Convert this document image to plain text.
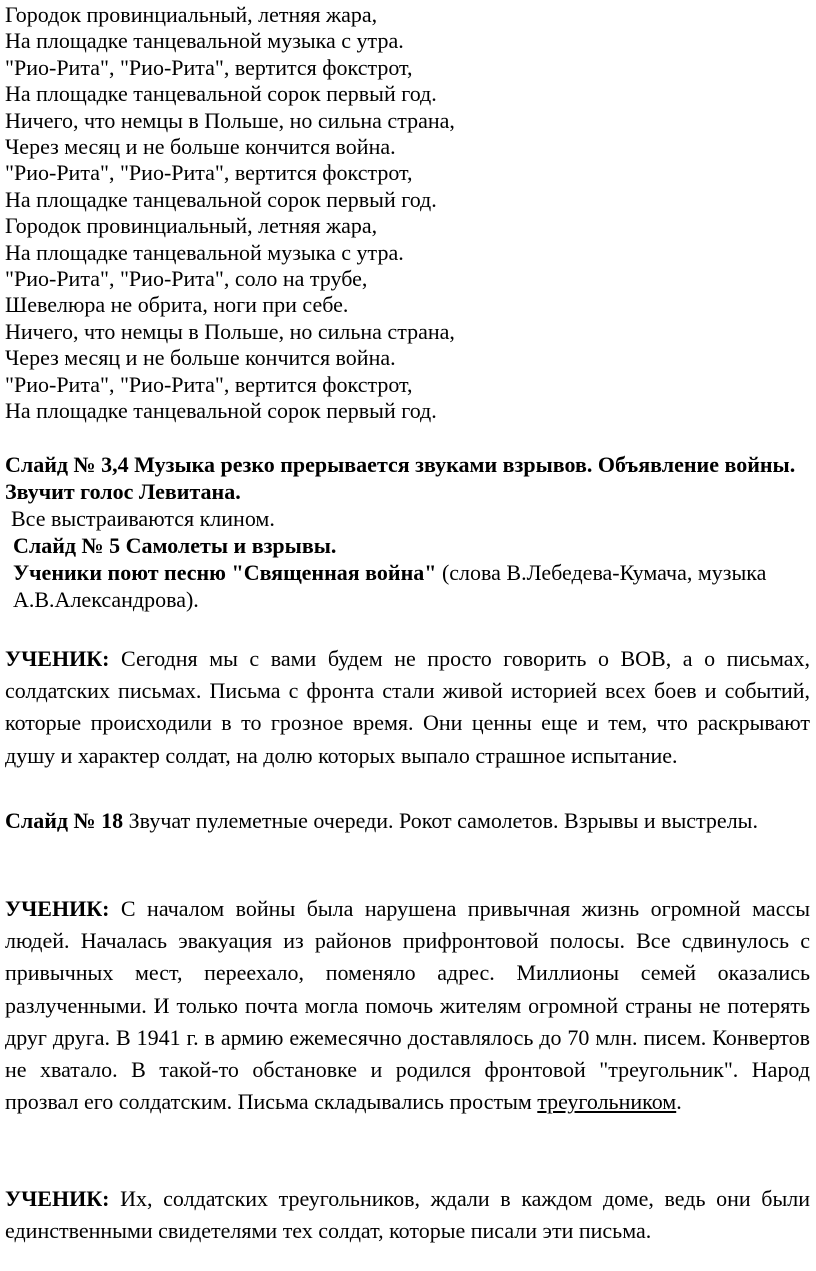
Городок провинциальный, летняя жара,
На площадке танцевальной музыка с утра.
"Рио-Рита", "Рио-Рита", вертится фокстрот,
На площадке танцевальной сорок первый год.
Ничего, что немцы в Польше, но сильна страна,
Через месяц и не больше кончится война.
"Рио-Рита", "Рио-Рита", вертится фокстрот,
На площадке танцевальной сорок первый год.
Городок провинциальный, летняя жара,
На площадке танцевальной музыка с утра.
"Рио-Рита", "Рио-Рита", соло на трубе,
Шевелюра не обрита, ноги при себе.
Ничего, что немцы в Польше, но сильна страна,
Через месяц и не больше кончится война.
"Рио-Рита", "Рио-Рита", вертится фокстрот,
На площадке танцевальной сорок первый год.

Слайд № 3,4 Музыка резко прерывается звуками взрывов. Объявление войны. Звучит голос Левитана.

Все выстраиваются клином.

Слайд № 5 Самолеты и взрывы.

Ученики поют песню "Священная война" (слова В.Лебедева-Кумача, музыка А.В.Александрова).

УЧЕНИК: Сегодня мы с вами будем не просто говорить о ВОВ, а о письмах, солдатских письмах. Письма с фронта стали живой историей всех боев и событий, которые происходили в то грозное время. Они ценны еще и тем, что раскрывают душу и характер солдат, на долю которых выпало страшное испытание.

Слайд № 18 Звучат пулеметные очереди. Рокот самолетов. Взрывы и выстрелы.

УЧЕНИК: С началом войны была нарушена привычная жизнь огромной массы людей. Началась эвакуация из районов прифронтовой полосы. Все сдвинулось с привычных мест, переехало, поменяло адрес. Миллионы семей оказались разлученными. И только почта могла помочь жителям огромной страны не потерять друг друга. В 1941 г. в армию ежемесячно доставлялось до 70 млн. писем. Конвертов не хватало. В такой-то обстановке и родился фронтовой "треугольник". Народ прозвал его солдатским. Письма складывались простым треугольником.

УЧЕНИК: Их, солдатских треугольников, ждали в каждом доме, ведь они были единственными свидетелями тех солдат, которые писали эти письма.
